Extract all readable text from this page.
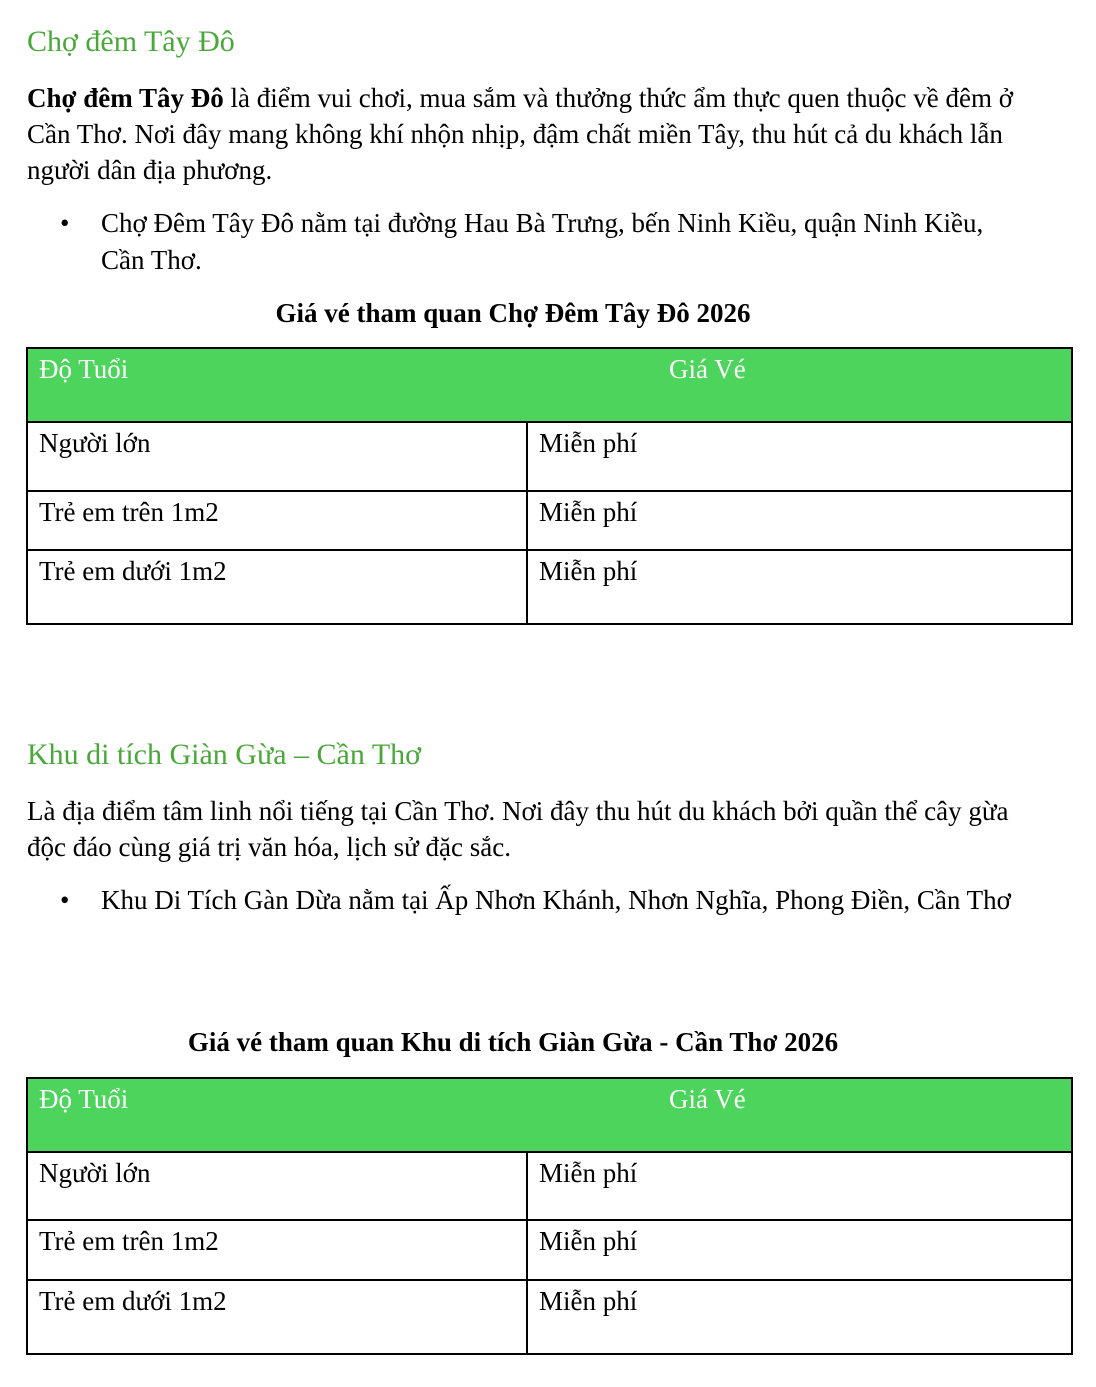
Chợ đêm Tây Đô

Chợ đêm Tây Đô là điểm vui chơi, mua sắm và thưởng thức ẩm thực quen thuộc về đêm ở Cần Thơ. Nơi đây mang không khí nhộn nhịp, đậm chất miền Tây, thu hút cả du khách lẫn người dân địa phương.

• Chợ Đêm Tây Đô nằm tại đường Hau Bà Trưng, bến Ninh Kiều, quận Ninh Kiều, Cần Thơ.

Giá vé tham quan Chợ Đêm Tây Đô 2026

Độ Tuổi	Giá Vé
Người lớn	Miễn phí
Trẻ em trên 1m2	Miễn phí
Trẻ em dưới 1m2	Miễn phí
Khu di tích Giàn Gừa – Cần Thơ

Là địa điểm tâm linh nổi tiếng tại Cần Thơ. Nơi đây thu hút du khách bởi quần thể cây gừa độc đáo cùng giá trị văn hóa, lịch sử đặc sắc.

• Khu Di Tích Gàn Dừa nằm tại Ấp Nhơn Khánh, Nhơn Nghĩa, Phong Điền, Cần Thơ

Giá vé tham quan Khu di tích Giàn Gừa - Cần Thơ 2026

Độ Tuổi	Giá Vé
Người lớn	Miễn phí
Trẻ em trên 1m2	Miễn phí
Trẻ em dưới 1m2	Miễn phí
